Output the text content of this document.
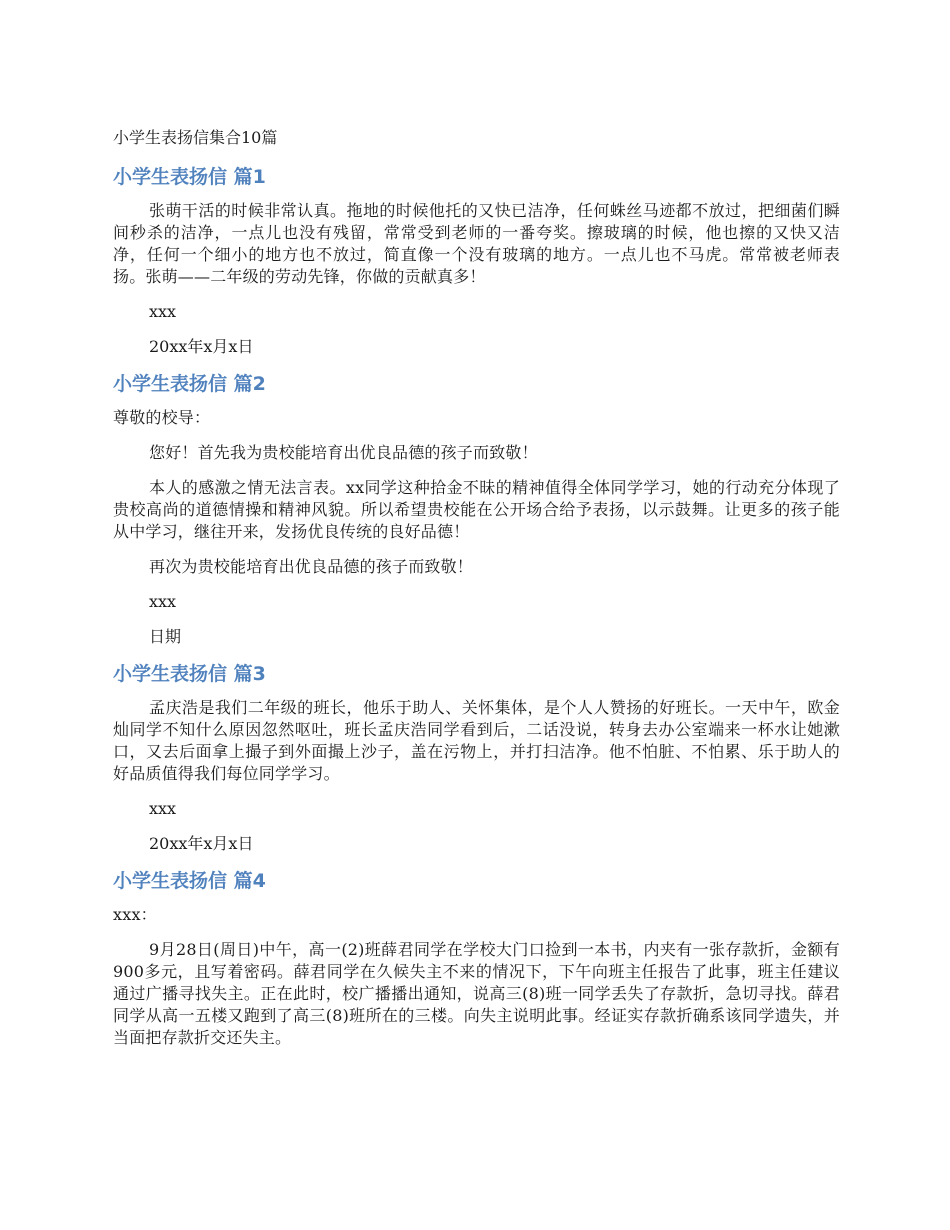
小学生表扬信集合10篇
小学生表扬信 篇1

张萌干活的时候非常认真。拖地的时候他托的又快已洁净，任何蛛丝马迹都不放过，把细菌们瞬间秒杀的洁净，一点儿也没有残留，常常受到老师的一番夸奖。擦玻璃的时候，他也擦的又快又洁净，任何一个细小的地方也不放过，简直像一个没有玻璃的地方。一点儿也不马虎。常常被老师表扬。张萌——二年级的劳动先锋，你做的贡献真多！

xxx
20xx年x月x日
小学生表扬信 篇2

尊敬的校导：

您好！首先我为贵校能培育出优良品德的孩子而致敬！

本人的感激之情无法言表。xx同学这种拾金不昧的精神值得全体同学学习，她的行动充分体现了贵校高尚的道德情操和精神风貌。所以希望贵校能在公开场合给予表扬，以示鼓舞。让更多的孩子能从中学习，继往开来，发扬优良传统的良好品德！

再次为贵校能培育出优良品德的孩子而致敬！

xxx
日期
小学生表扬信 篇3

孟庆浩是我们二年级的班长，他乐于助人、关怀集体，是个人人赞扬的好班长。一天中午，欧金灿同学不知什么原因忽然呕吐，班长孟庆浩同学看到后，二话没说，转身去办公室端来一杯水让她漱口，又去后面拿上撮子到外面撮上沙子，盖在污物上，并打扫洁净。他不怕脏、不怕累、乐于助人的好品质值得我们每位同学学习。

xxx
20xx年x月x日
小学生表扬信 篇4

xxx：

9月28日(周日)中午，高一(2)班薛君同学在学校大门口捡到一本书，内夹有一张存款折，金额有900多元，且写着密码。薛君同学在久候失主不来的情况下，下午向班主任报告了此事，班主任建议通过广播寻找失主。正在此时，校广播播出通知，说高三(8)班一同学丢失了存款折，急切寻找。薛君同学从高一五楼又跑到了高三(8)班所在的三楼。向失主说明此事。经证实存款折确系该同学遗失，并当面把存款折交还失主。
